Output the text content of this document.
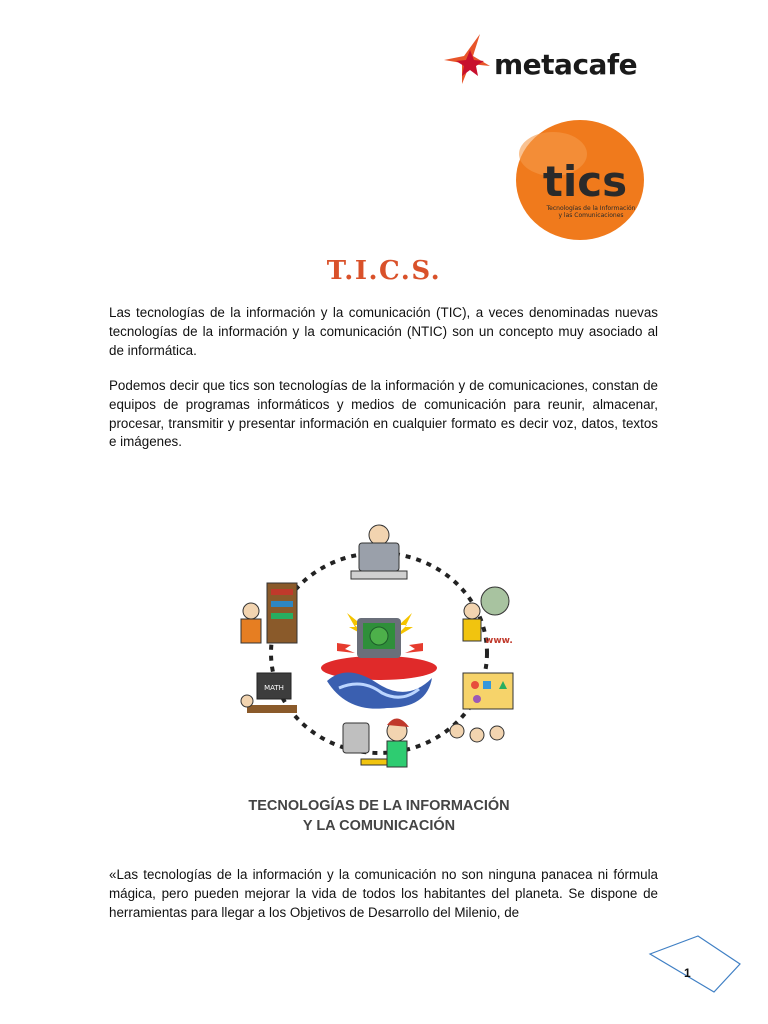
metacafe
tics
Tecnologías de la Información
y las Comunicaciones
T.I.C.S.

Las tecnologías de la información y la comunicación (TIC), a veces denominadas nuevas tecnologías de la información y la comunicación (NTIC) son un concepto muy asociado al de informática.

Podemos decir que tics son tecnologías de la información y de comunicaciones, constan de equipos de programas informáticos y medios de comunicación para reunir, almacenar, procesar, transmitir y presentar información en cualquier formato es decir voz, datos, textos e imágenes.

www.
MATH
TECNOLOGÍAS DE LA INFORMACIÓN
Y LA COMUNICACIÓN

«Las tecnologías de la información y la comunicación no son ninguna panacea ni fórmula mágica, pero pueden mejorar la vida de todos los habitantes del planeta. Se dispone de herramientas para llegar a los Objetivos de Desarrollo del Milenio, de

1
